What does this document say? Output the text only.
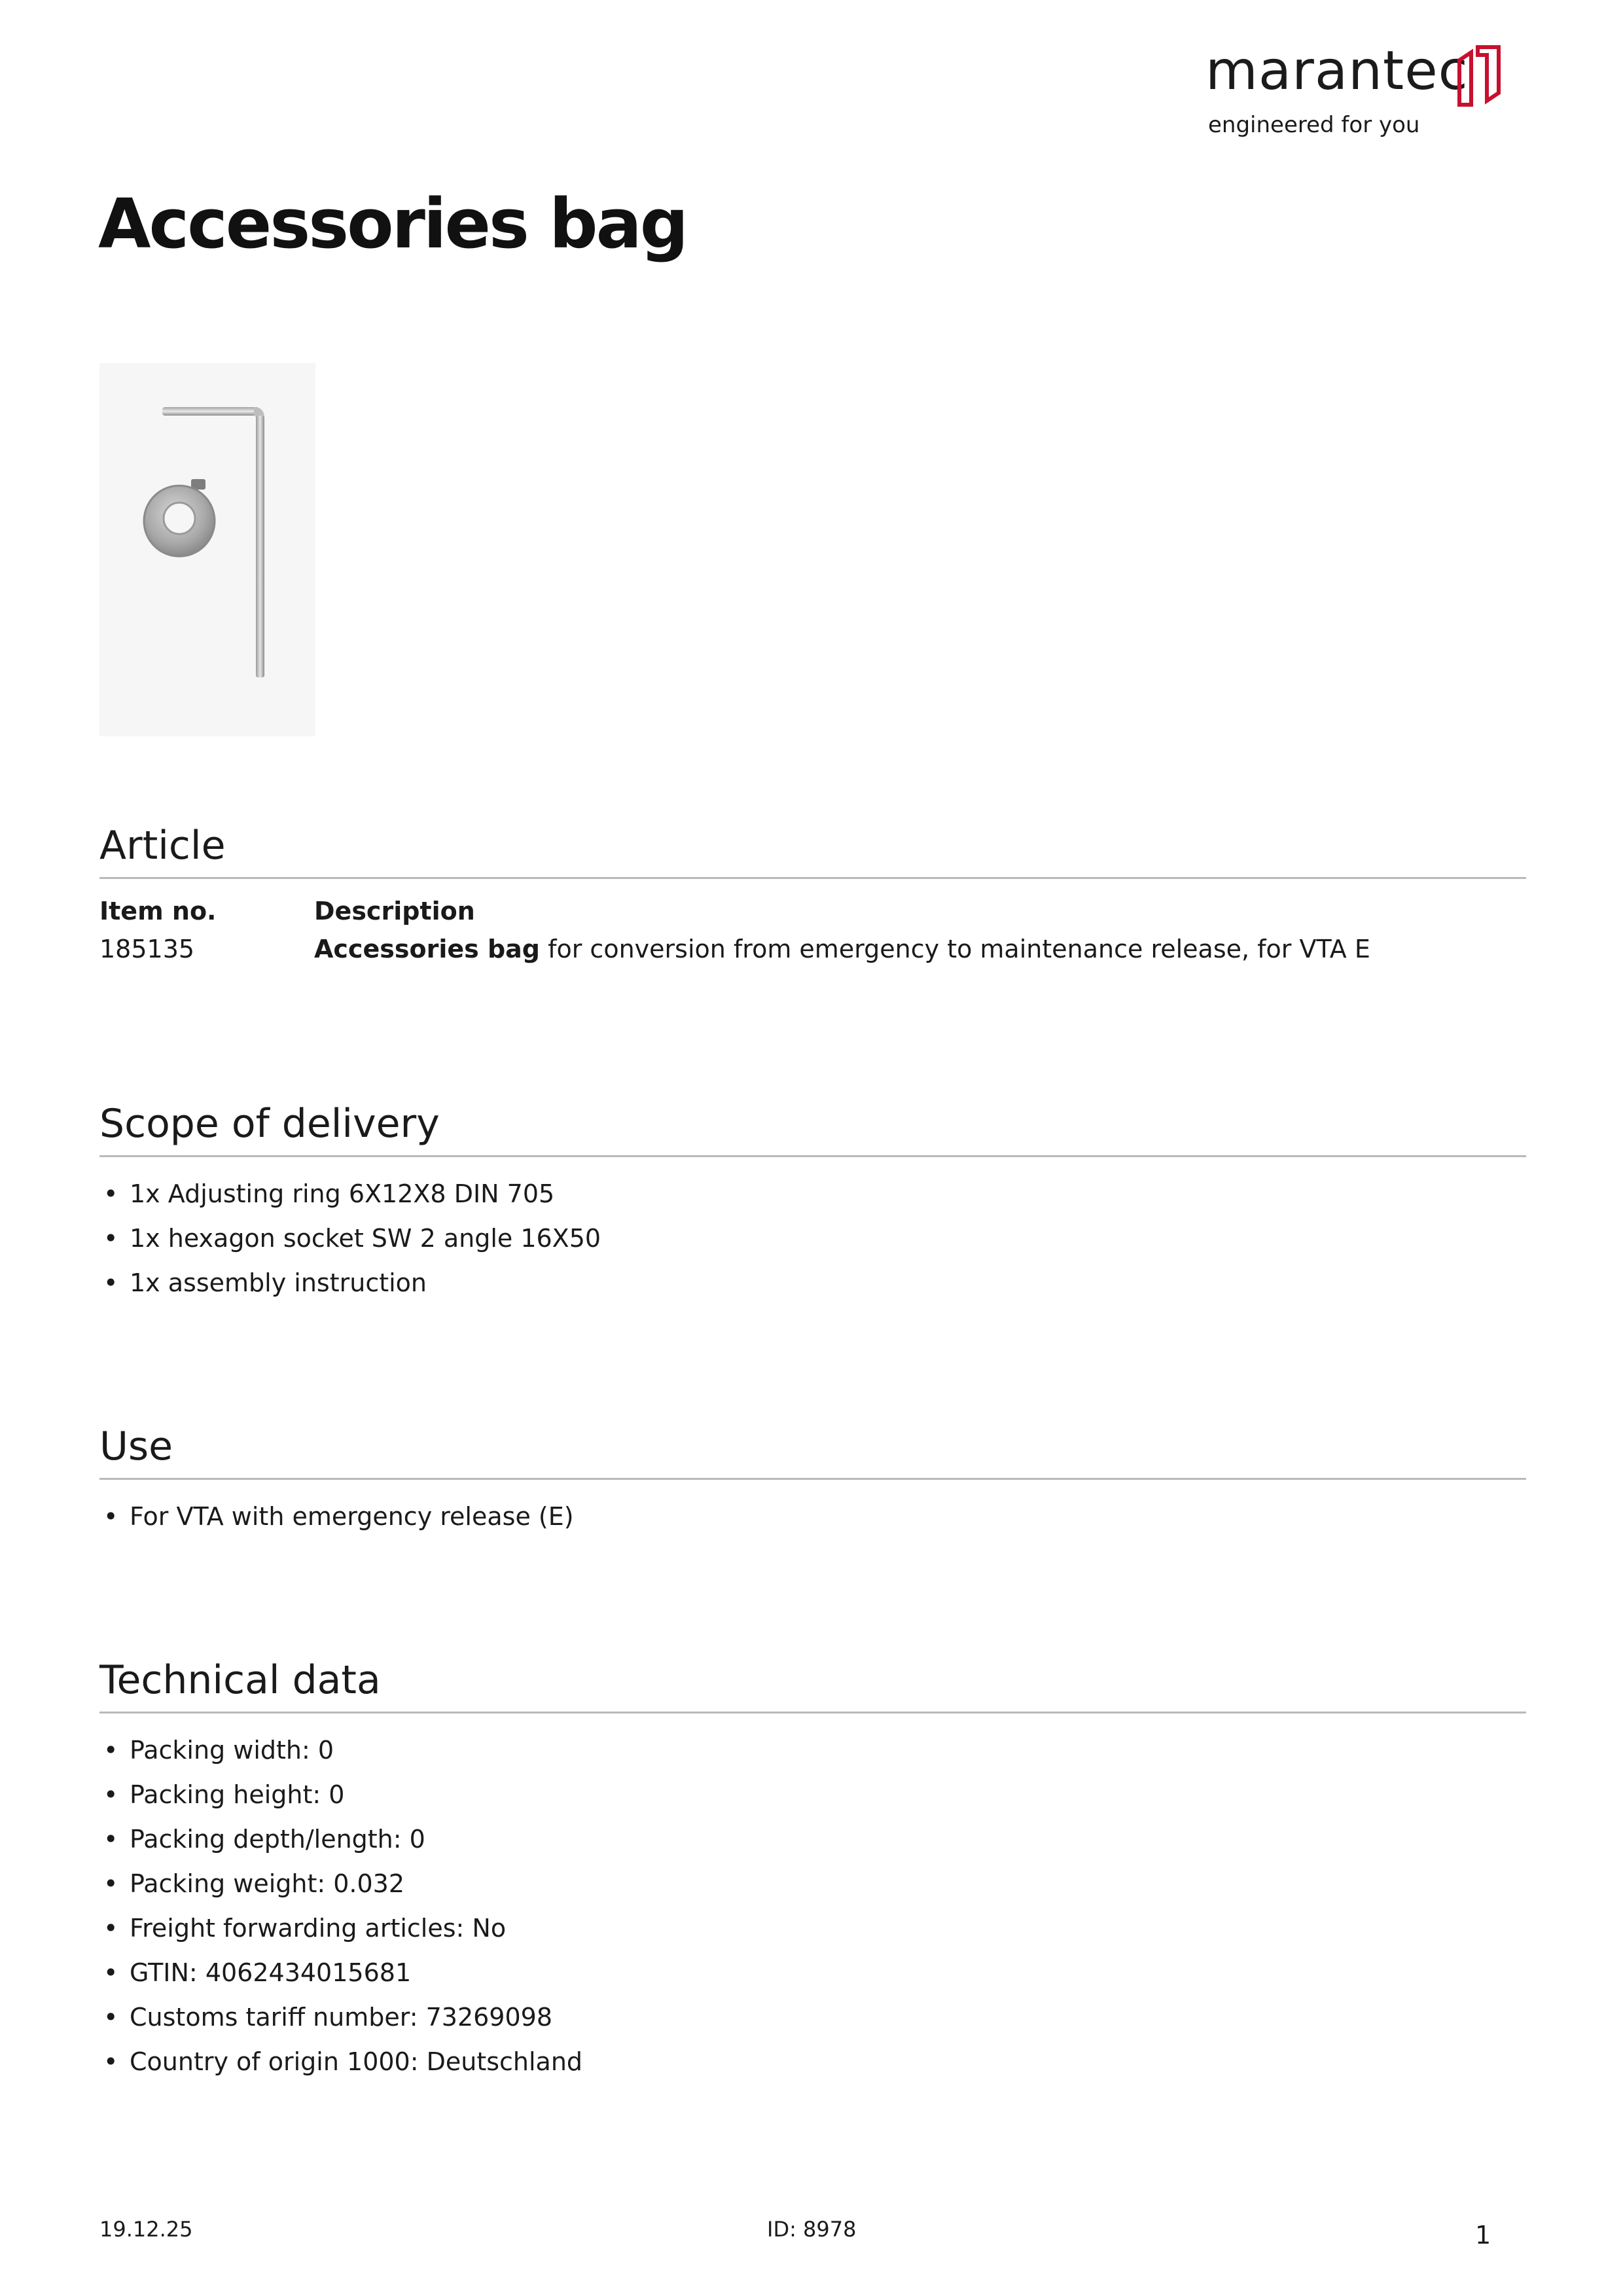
marantec
engineered for you
Accessories bag
Article
Item no.	Description
185135	Accessories bag for conversion from emergency to maintenance release, for VTA E
Scope of delivery
• 1x Adjusting ring 6X12X8 DIN 705
• 1x hexagon socket SW 2 angle 16X50
• 1x assembly instruction
Use
• For VTA with emergency release (E)
Technical data
• Packing width: 0
• Packing height: 0
• Packing depth/length: 0
• Packing weight: 0.032
• Freight forwarding articles: No
• GTIN: 4062434015681
• Customs tariff number: 73269098
• Country of origin 1000: Deutschland
19.12.25	ID: 8978	1
